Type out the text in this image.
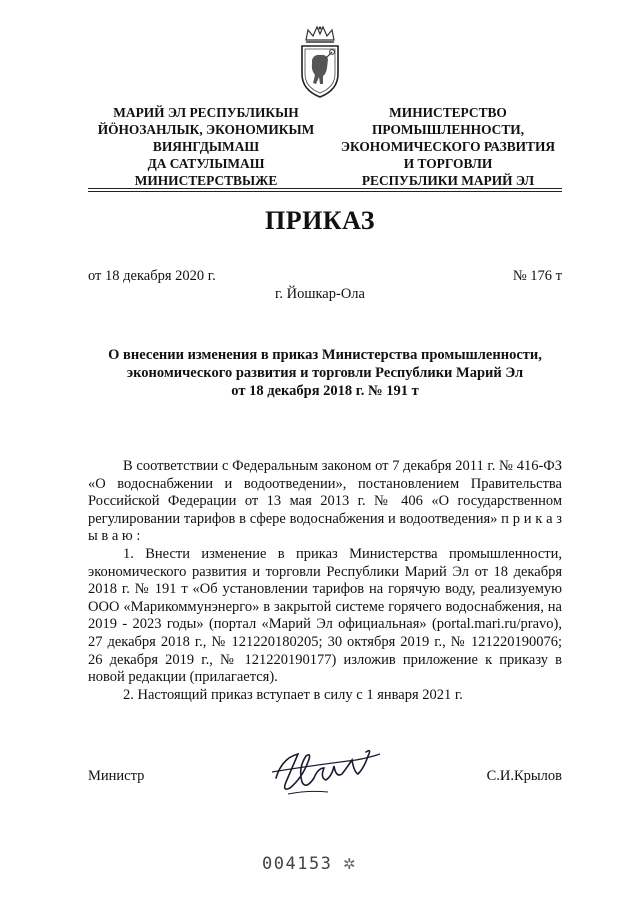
МАРИЙ ЭЛ РЕСПУБЛИКЫН
ЙӦНОЗАНЛЫК, ЭКОНОМИКЫМ
ВИЯНГДЫМАШ
ДА САТУЛЫМАШ
МИНИСТЕРСТВЫЖЕ
МИНИСТЕРСТВО
ПРОМЫШЛЕННОСТИ,
ЭКОНОМИЧЕСКОГО РАЗВИТИЯ
И ТОРГОВЛИ
РЕСПУБЛИКИ МАРИЙ ЭЛ
ПРИКАЗ
от 18 декабря 2020 г.	№ 176 т
г. Йошкар-Ола
О внесении изменения в приказ Министерства промышленности,
экономического развития и торговли Республики Марий Эл
от 18 декабря 2018 г. № 191 т

В соответствии с Федеральным законом от 7 декабря 2011 г. № 416-ФЗ «О водоснабжении и водоотведении», постановлением Правительства Российской Федерации от 13 мая 2013 г. № 406 «О государственном регулировании тарифов в сфере водоснабжения и водоотведения» п р и к а з ы в а ю :

1. Внести изменение в приказ Министерства промышленности, экономического развития и торговли Республики Марий Эл от 18 декабря 2018 г. № 191 т «Об установлении тарифов на горячую воду, реализуемую ООО «Марикоммунэнерго» в закрытой системе горячего водоснабжения, на 2019 - 2023 годы» (портал «Марий Эл официальная» (portal.mari.ru/pravo), 27 декабря 2018 г., № 121220180205; 30 октября 2019 г., № 121220190076; 26 декабря 2019 г., № 121220190177) изложив приложение к приказу в новой редакции (прилагается).

2. Настоящий приказ вступает в силу с 1 января 2021 г.

Министр	С.И.Крылов
004153 ✲
